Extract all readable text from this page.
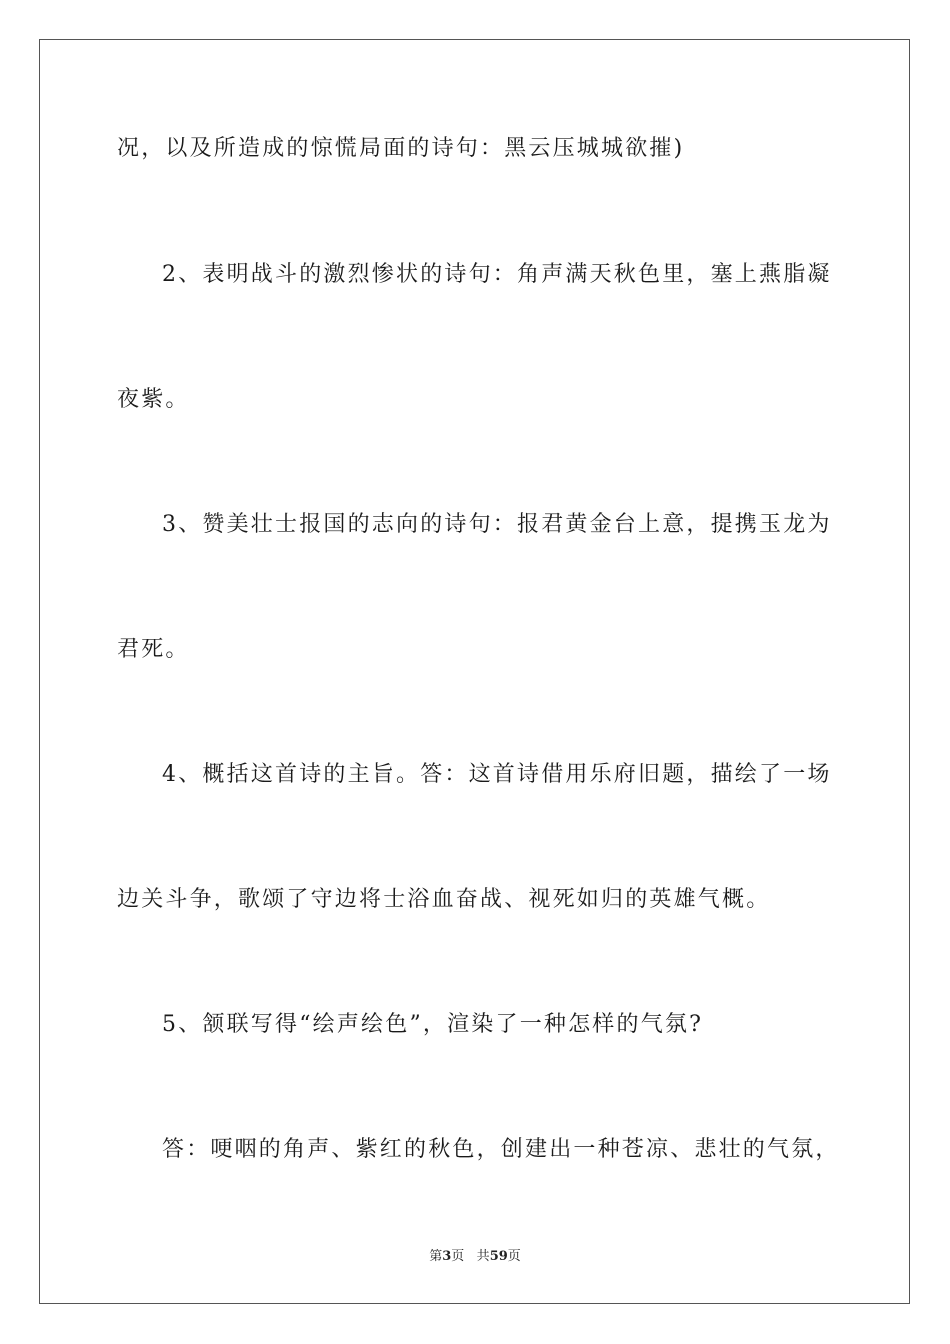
况，以及所造成的惊慌局面的诗句：黑云压城城欲摧)
2、表明战斗的激烈惨状的诗句：角声满天秋色里，塞上燕脂凝
夜紫。
3、赞美壮士报国的志向的诗句：报君黄金台上意，提携玉龙为
君死。
4、概括这首诗的主旨。答：这首诗借用乐府旧题，描绘了一场
边关斗争，歌颂了守边将士浴血奋战、视死如归的英雄气概。
5、颔联写得“绘声绘色”，渲染了一种怎样的气氛?
答：哽咽的角声、紫红的秋色，创建出一种苍凉、悲壮的气氛，
第3页 共59页
